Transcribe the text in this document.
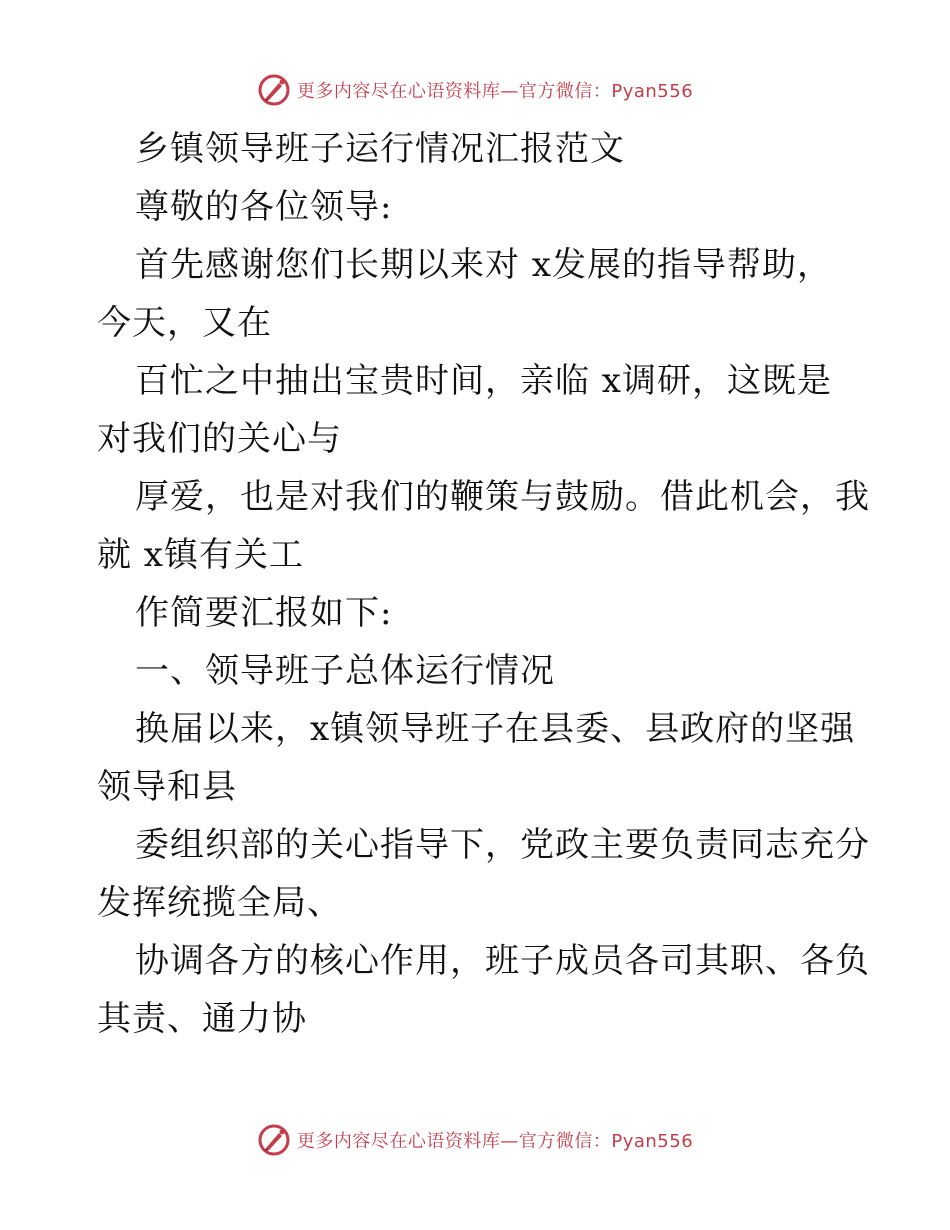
更多内容尽在心语资料库—官方微信：Pyan556
乡镇领导班子运行情况汇报范文
尊敬的各位领导:
首先感谢您们长期以来对 x发展的指导帮助，
今天，又在
百忙之中抽出宝贵时间，亲临 x调研，这既是
对我们的关心与
厚爱，也是对我们的鞭策与鼓励。借此机会，我
就 x镇有关工
作简要汇报如下:
一、领导班子总体运行情况
换届以来，x镇领导班子在县委、县政府的坚强
领导和县
委组织部的关心指导下，党政主要负责同志充分
发挥统揽全局、
协调各方的核心作用，班子成员各司其职、各负
其责、通力协
更多内容尽在心语资料库—官方微信：Pyan556
